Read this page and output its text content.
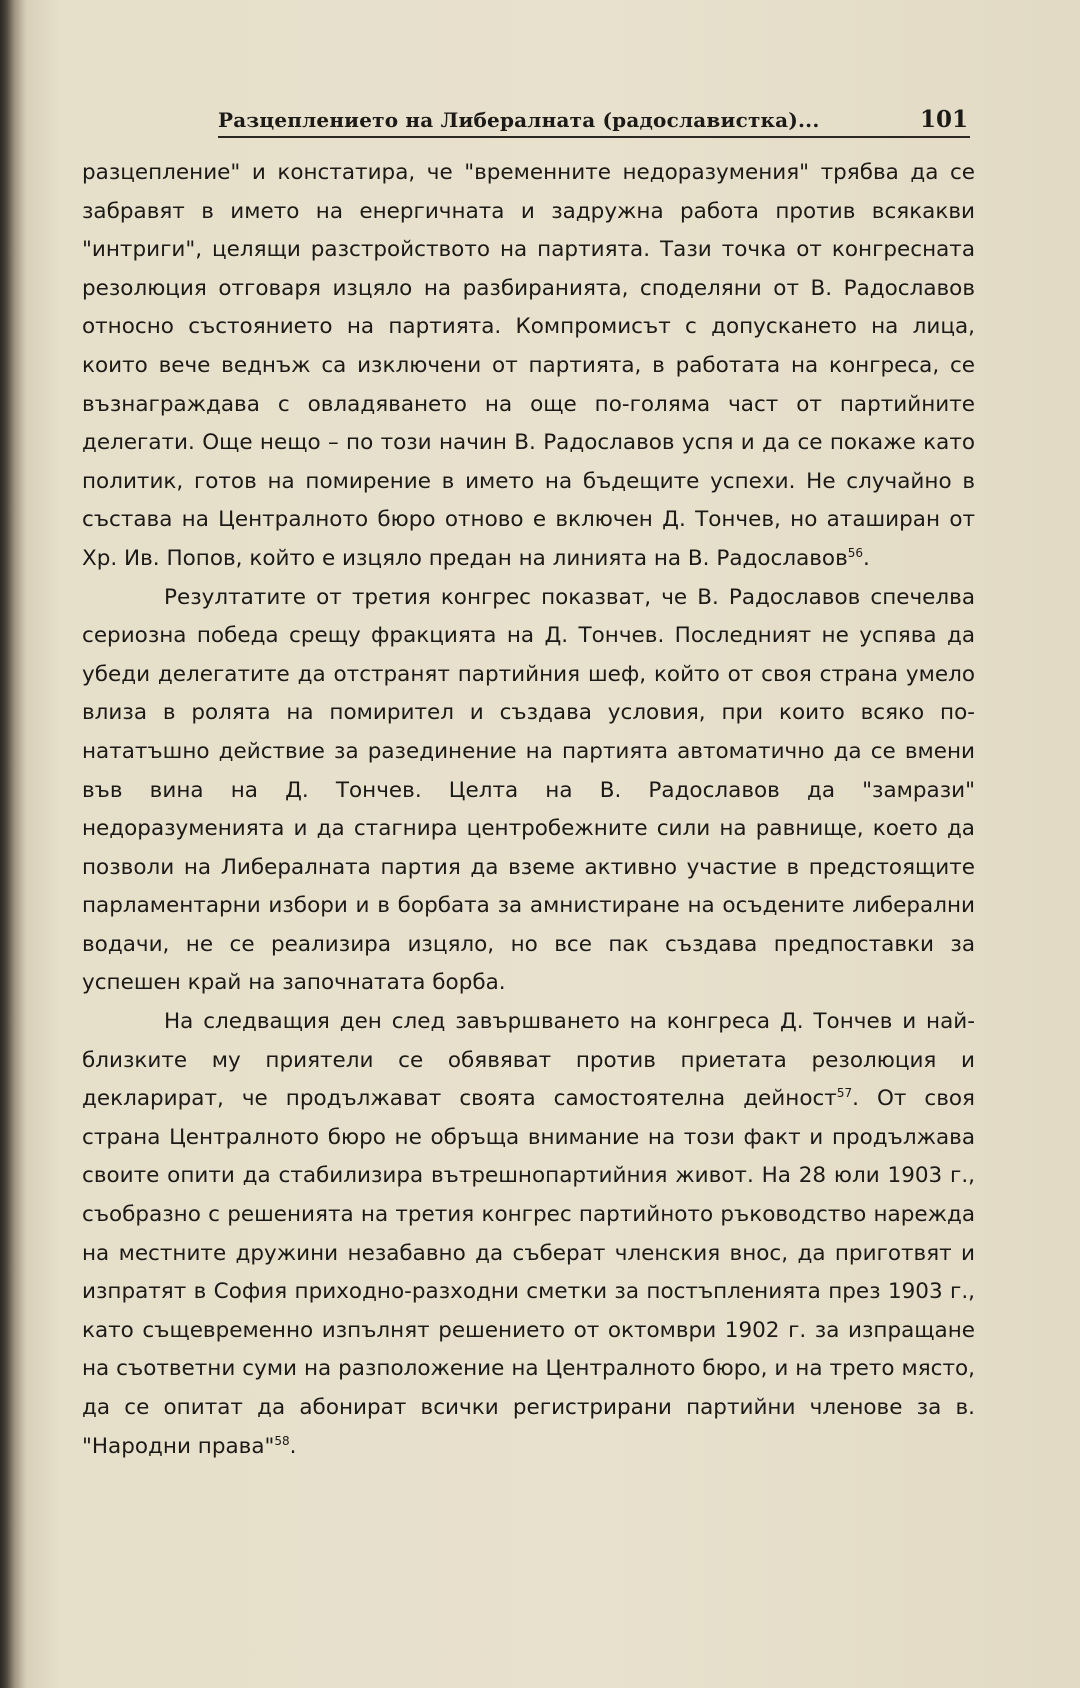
Разцеплението на Либералната (радославистка)...	101

разцепление" и констатира, че "временните недоразумения" трябва да се забравят в името на енергичната и задружна работа против всякакви "интриги", целящи разстройството на партията. Тази точка от конгресната резолюция отговаря изцяло на разбиранията, споделяни от В. Радославов относно състоянието на партията. Компромисът с допускането на лица, които вече веднъж са изключени от партията, в работата на конгреса, се възнаграждава с овладяването на още по-голяма част от партийните делегати. Още нещо – по този начин В. Радославов успя и да се покаже като политик, готов на помирение в името на бъдещите успехи. Не случайно в състава на Централното бюро отново е включен Д. Тончев, но аташиран от Хр. Ив. Попов, който е изцяло предан на линията на В. Радославов$^{56}$.

Резултатите от третия конгрес показват, че В. Радославов спечелва сериозна победа срещу фракцията на Д. Тончев. Последният не успява да убеди делегатите да отстранят партийния шеф, който от своя страна умело влиза в ролята на помирител и създава условия, при които всяко по-нататъшно действие за разединение на партията автоматично да се вмени във вина на Д. Тончев. Целта на В. Радославов да "замрази" недоразуменията и да стагнира центробежните сили на равнище, което да позволи на Либералната партия да вземе активно участие в предстоящите парламентарни избори и в борбата за амнистиране на осъдените либерални водачи, не се реализира изцяло, но все пак създава предпоставки за успешен край на започнатата борба.

На следващия ден след завършването на конгреса Д. Тончев и най-близките му приятели се обявяват против приетата резолюция и декларират, че продължават своята самостоятелна дейност$^{57}$. От своя страна Централното бюро не обръща внимание на този факт и продължава своите опити да стабилизира вътрешнопартийния живот. На 28 юли 1903 г., съобразно с решенията на третия конгрес партийното ръководство нарежда на местните дружини незабавно да съберат членския внос, да приготвят и изпратят в София приходно-разходни сметки за постъпленията през 1903 г., като същевременно изпълнят решението от октомври 1902 г. за изпращане на съответни суми на разположение на Централното бюро, и на трето място, да се опитат да абонират всички регистрирани партийни членове за в. "Народни права"$^{58}$.
